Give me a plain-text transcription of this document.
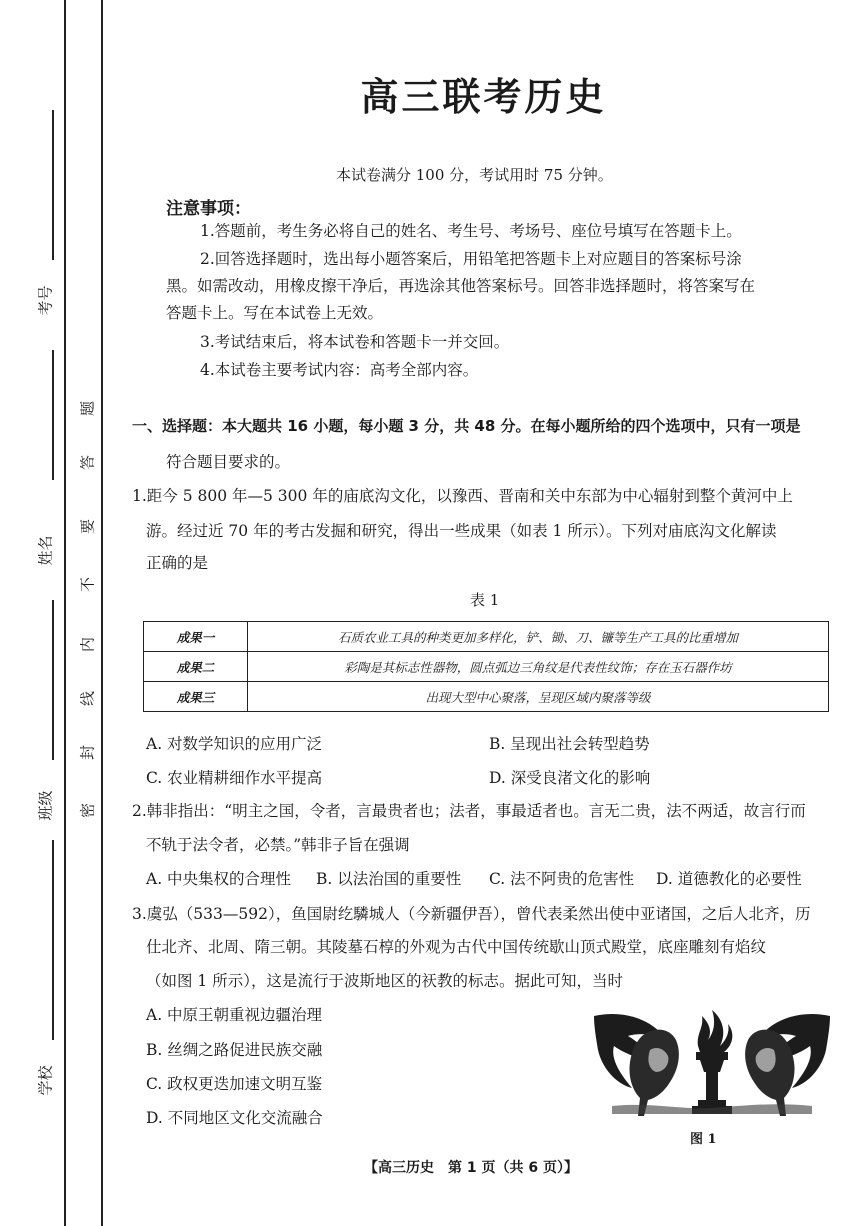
考号
姓名
班级
学校
题
答
要
不
内
线
封
密
高三联考历史
本试卷满分 100 分，考试用时 75 分钟。
注意事项：
1.答题前，考生务必将自己的姓名、考生号、考场号、座位号填写在答题卡上。
2.回答选择题时，选出每小题答案后，用铅笔把答题卡上对应题目的答案标号涂
黑。如需改动，用橡皮擦干净后，再选涂其他答案标号。回答非选择题时，将答案写在
答题卡上。写在本试卷上无效。
3.考试结束后，将本试卷和答题卡一并交回。
4.本试卷主要考试内容：高考全部内容。
一、选择题：本大题共 16 小题，每小题 3 分，共 48 分。在每小题所给的四个选项中，只有一项是
符合题目要求的。
1.距今 5 800 年—5 300 年的庙底沟文化，以豫西、晋南和关中东部为中心辐射到整个黄河中上
游。经过近 70 年的考古发掘和研究，得出一些成果（如表 1 所示）。下列对庙底沟文化解读
正确的是
表 1
成果一	石质农业工具的种类更加多样化，铲、锄、刀、镰等生产工具的比重增加
成果二	彩陶是其标志性器物，圆点弧边三角纹是代表性纹饰；存在玉石器作坊
成果三	出现大型中心聚落，呈现区域内聚落等级
A. 对数学知识的应用广泛	B. 呈现出社会转型趋势
C. 农业精耕细作水平提高	D. 深受良渚文化的影响
2.韩非指出：“明主之国，令者，言最贵者也；法者，事最适者也。言无二贵，法不两适，故言行而
不轨于法令者，必禁。”韩非子旨在强调
A. 中央集权的合理性 B. 以法治国的重要性 C. 法不阿贵的危害性 D. 道德教化的必要性
3.虞弘（533—592），鱼国尉纥驎城人（今新疆伊吾），曾代表柔然出使中亚诸国，之后人北齐，历
仕北齐、北周、隋三朝。其陵墓石椁的外观为古代中国传统歇山顶式殿堂，底座雕刻有焰纹
（如图 1 所示），这是流行于波斯地区的祆教的标志。据此可知，当时
A. 中原王朝重视边疆治理
B. 丝绸之路促进民族交融
C. 政权更迭加速文明互鉴
D. 不同地区文化交流融合
图 1
【高三历史　第 1 页（共 6 页）】
